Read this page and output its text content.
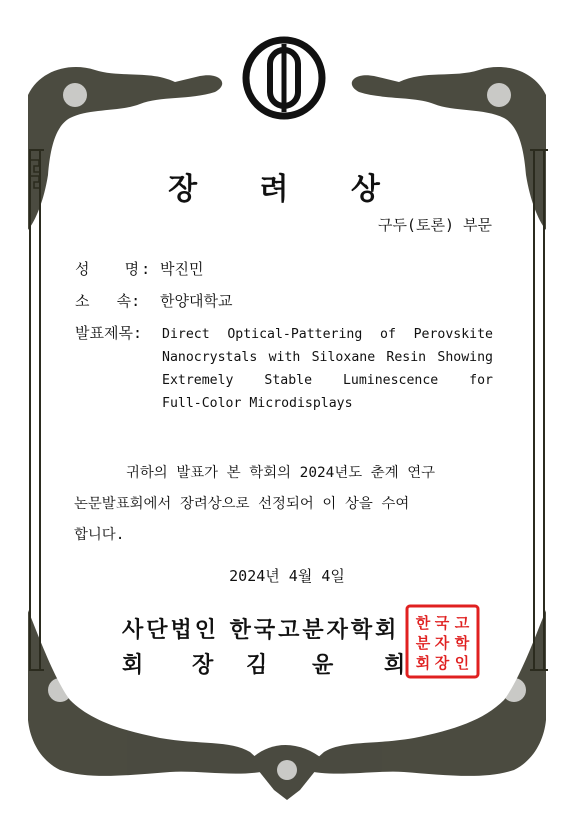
장 려 상
구두(토론) 부문
성   명: 박진민
소   속: 한양대학교
발표제목: Direct Optical-Pattering of Perovskite
Nanocrystals with Siloxane Resin Showing
Extremely Stable Luminescence for
Full-Color Microdisplays
귀하의 발표가 본 학회의 2024년도 춘계 연구
논문발표회에서 장려상으로 선정되어 이 상을 수여
합니다.
2024년 4월 4일
사단법인 한국고분자학회
회 장 김 윤 희
한 국 고
분 자 학
회 장 인
